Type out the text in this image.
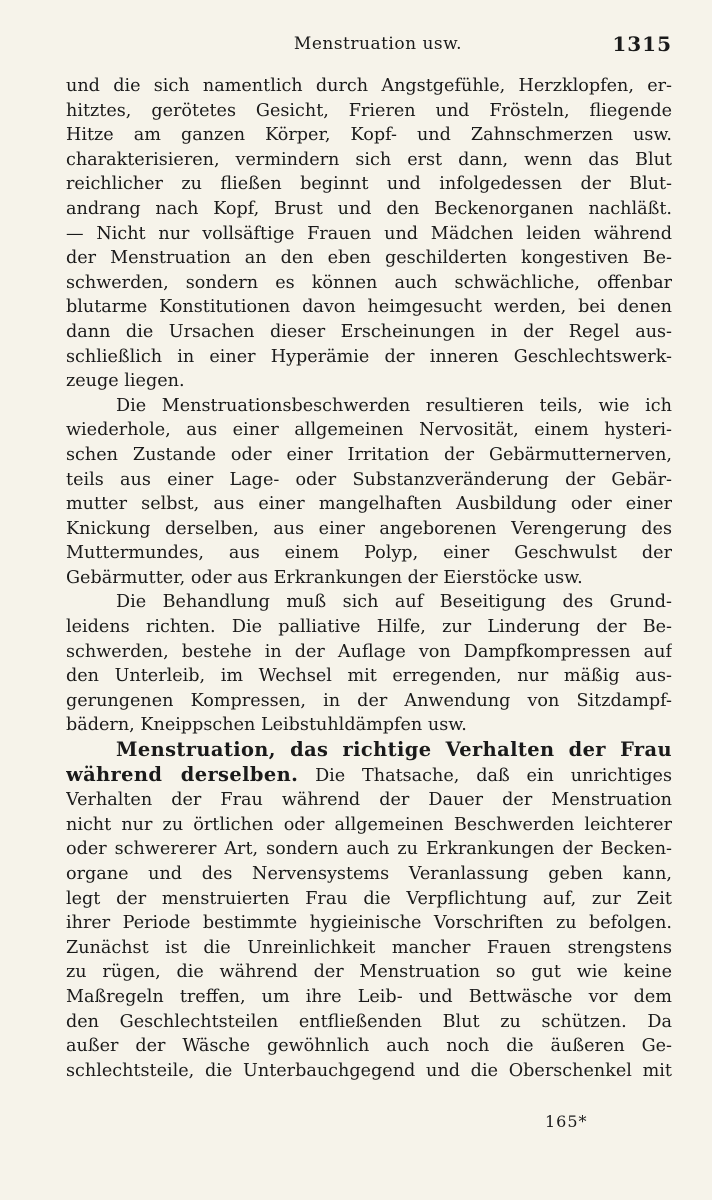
Menstruation usw.	1315
und die sich namentlich durch Angstgefühle, Herzklopfen, er-
hitztes, gerötetes Gesicht, Frieren und Frösteln, fliegende
Hitze am ganzen Körper, Kopf- und Zahnschmerzen usw.
charakterisieren, vermindern sich erst dann, wenn das Blut
reichlicher zu fließen beginnt und infolgedessen der Blut-
andrang nach Kopf, Brust und den Beckenorganen nachläßt.
— Nicht nur vollsäftige Frauen und Mädchen leiden während
der Menstruation an den eben geschilderten kongestiven Be-
schwerden, sondern es können auch schwächliche, offenbar
blutarme Konstitutionen davon heimgesucht werden, bei denen
dann die Ursachen dieser Erscheinungen in der Regel aus-
schließlich in einer Hyperämie der inneren Geschlechtswerk-
zeuge liegen.
Die Menstruationsbeschwerden resultieren teils, wie ich
wiederhole, aus einer allgemeinen Nervosität, einem hysteri-
schen Zustande oder einer Irritation der Gebärmutternerven,
teils aus einer Lage- oder Substanzveränderung der Gebär-
mutter selbst, aus einer mangelhaften Ausbildung oder einer
Knickung derselben, aus einer angeborenen Verengerung des
Muttermundes, aus einem Polyp, einer Geschwulst der
Gebärmutter, oder aus Erkrankungen der Eierstöcke usw.
Die Behandlung muß sich auf Beseitigung des Grund-
leidens richten. Die palliative Hilfe, zur Linderung der Be-
schwerden, bestehe in der Auflage von Dampfkompressen auf
den Unterleib, im Wechsel mit erregenden, nur mäßig aus-
gerungenen Kompressen, in der Anwendung von Sitzdampf-
bädern, Kneippschen Leibstuhldämpfen usw.
Menstruation, das richtige Verhalten der Frau
während derselben. Die Thatsache, daß ein unrichtiges
Verhalten der Frau während der Dauer der Menstruation
nicht nur zu örtlichen oder allgemeinen Beschwerden leichterer
oder schwererer Art, sondern auch zu Erkrankungen der Becken-
organe und des Nervensystems Veranlassung geben kann,
legt der menstruierten Frau die Verpflichtung auf, zur Zeit
ihrer Periode bestimmte hygieinische Vorschriften zu befolgen.
Zunächst ist die Unreinlichkeit mancher Frauen strengstens
zu rügen, die während der Menstruation so gut wie keine
Maßregeln treffen, um ihre Leib- und Bettwäsche vor dem
den Geschlechtsteilen entfließenden Blut zu schützen. Da
außer der Wäsche gewöhnlich auch noch die äußeren Ge-
schlechtsteile, die Unterbauchgegend und die Oberschenkel mit
165*
